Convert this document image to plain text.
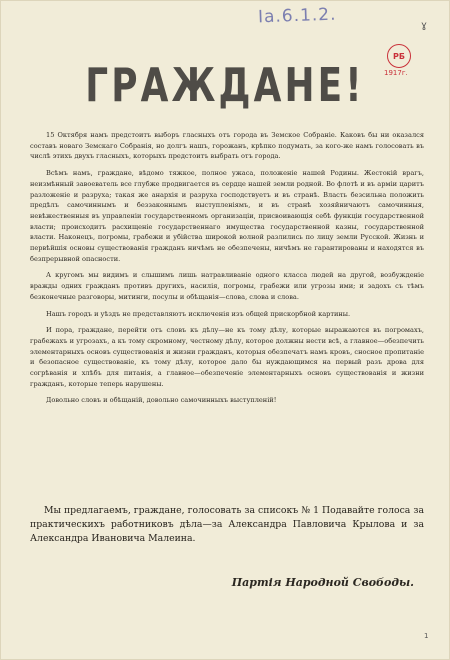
Ia.6.1.2.	ɣ
РБ
1917г.
ГРАЖДАНЕ!

15 Октября намъ предстоитъ выборъ гласныхъ отъ города въ Земское Собраніе. Каковъ бы ни оказался составъ новаго Земскаго Собранія, но долгъ нашъ, горожанъ, крѣпко подумать, за кого-же намъ голосовать въ числѣ этихъ двухъ гласныхъ, которыхъ предстоитъ выбрать отъ города.

Всѣмъ намъ, граждане, вѣдомо тяжкое, полное ужаса, положеніе нашей Родины. Жестокій врагъ, неизмѣнный завоеватель все глубже продвигается въ сердце нашей земли родной. Во флотѣ и въ арміи царитъ разложеніе и разруха; такая же анархія и разруха господствуетъ и въ странѣ. Власть безсильна положить предѣлъ самочиннымъ и беззаконнымъ выступленіямъ, и въ странѣ хозяйничаютъ самочинныя, невѣжественныя въ управленіи государственномъ организаціи, присвоивающія себѣ функціи государственной власти; происходитъ расхищеніе государственнаго имущества государственной казны, государственной власти. Наконецъ, погромы, грабежи и убійства широкой волной разлились по лицу земли Русской. Жизнь и первѣйшія основы существованія гражданъ ничѣмъ не обезпечены, ничѣмъ не гарантированы и находятся въ безпрерывной опасности.

А кругомъ мы видимъ и слышимъ лишь натравливаніе одного класса людей на другой, возбужденіе вражды одних гражданъ противъ другихъ, насилія, погромы, грабежи или угрозы ими; и задохъ съ тѣмъ безконечные разговоры, митинги, посулы и обѣщанія—слова, слова и слова.

Нашъ городъ и уѣздъ не представляютъ исключенія изъ общей прискорбной картины.

И пора, граждане, перейти отъ словъ къ дѣлу—не къ тому дѣлу, которые выражаются въ погромахъ, грабежахъ и угрозахъ, а къ тому скромному, честному дѣлу, которое должны нести всѣ, а главное—обезпечить элементарныхъ основъ существованія и жизни гражданъ, которыя обезпечатъ намъ кровъ, сносное пропитаніе и безопасное существованіе, къ тому дѣлу, которое дало бы нуждающимся на первый разъ дрова для согрѣванія и хлѣбъ для питанія, а главное—обезпеченіе элементарныхъ основъ существованія и жизни гражданъ, которые теперь нарушены.

Довольно словъ и обѣщаній, довольно самочинныхъ выступленій!

Мы предлагаемъ, граждане, голосовать за списокъ № 1 Подавайте голоса за практическихъ работниковъ дѣла—за Александра Павловича Крылова и за Александра Ивановича Малеина.

Партія Народной Свободы.
1
